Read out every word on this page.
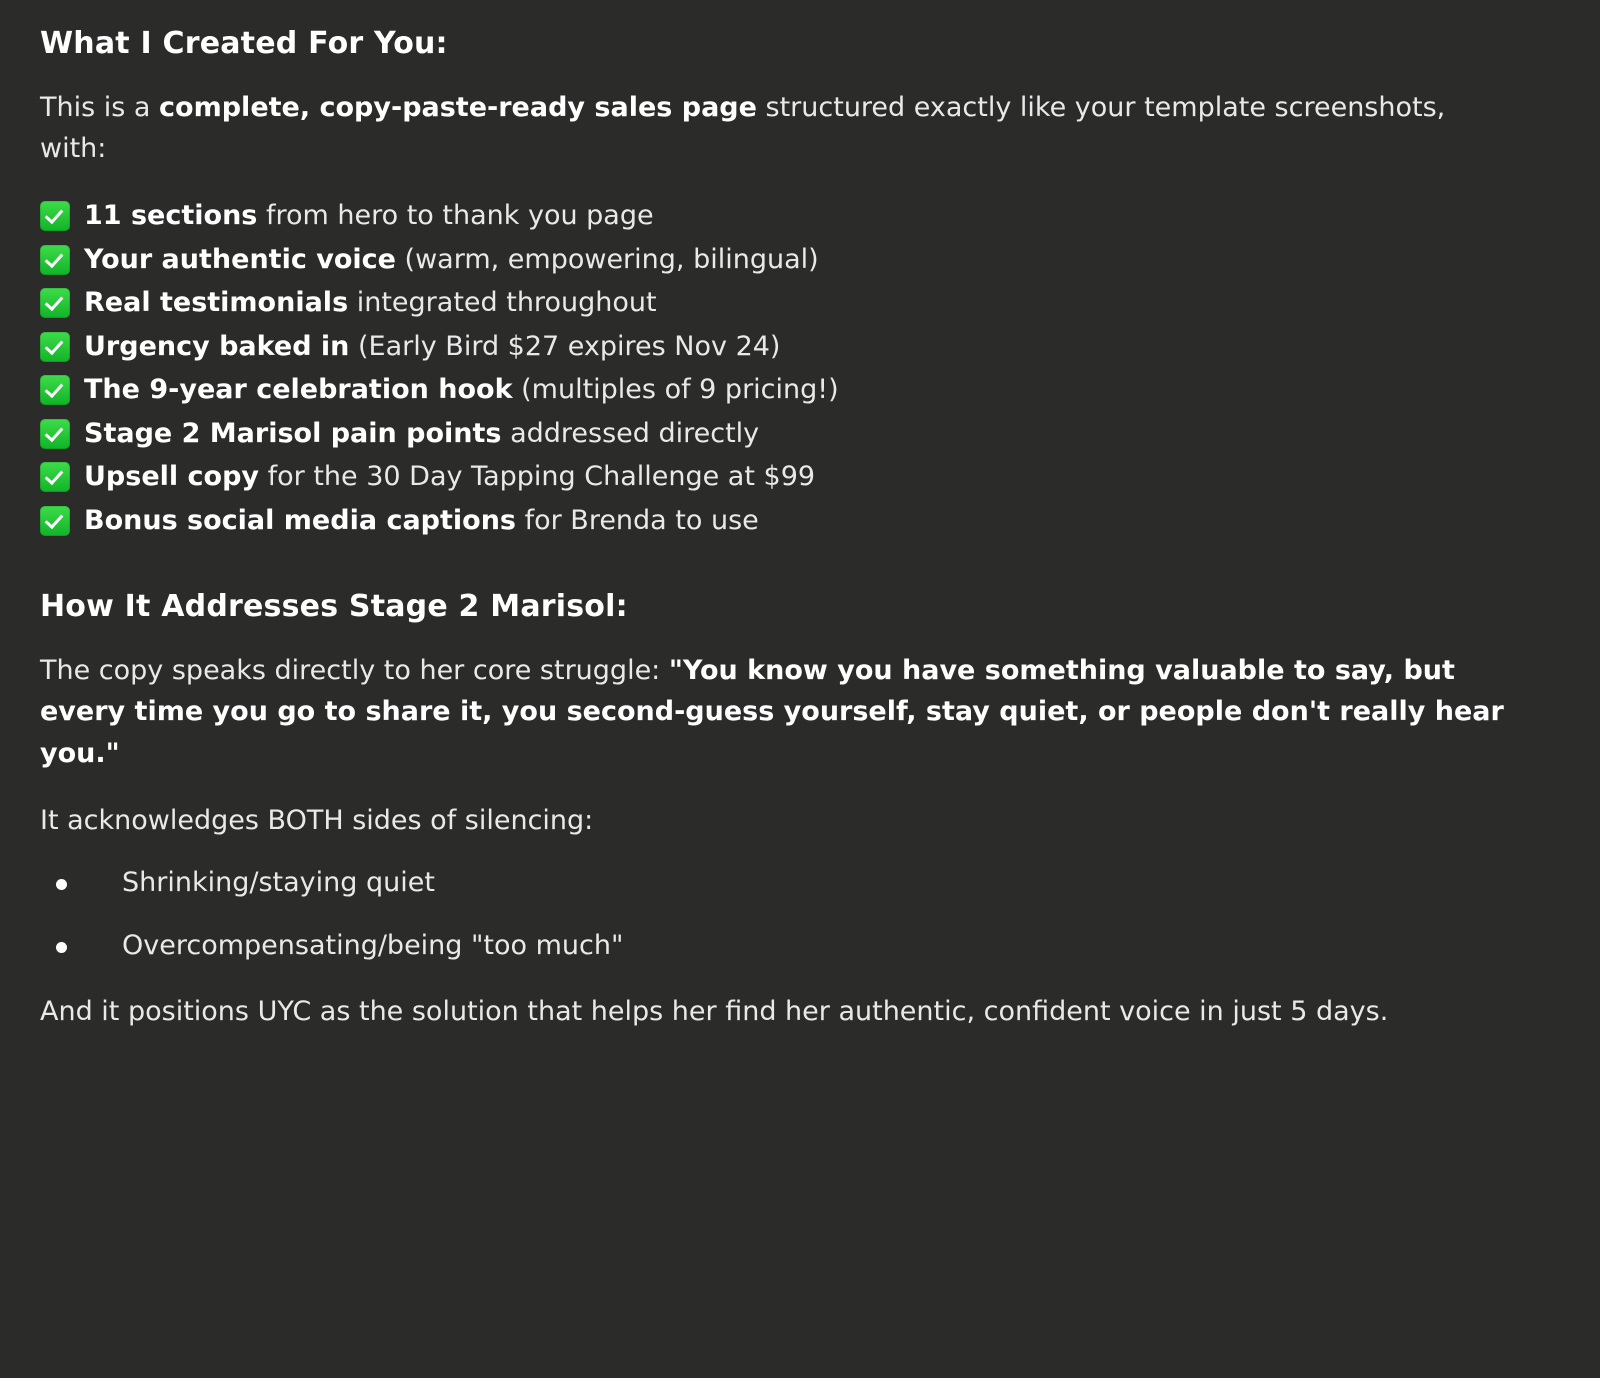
What I Created For You:

This is a complete, copy-paste-ready sales page structured exactly like your template screenshots, with:

11 sections from hero to thank you page
Your authentic voice (warm, empowering, bilingual)
Real testimonials integrated throughout
Urgency baked in (Early Bird $27 expires Nov 24)
The 9-year celebration hook (multiples of 9 pricing!)
Stage 2 Marisol pain points addressed directly
Upsell copy for the 30 Day Tapping Challenge at $99
Bonus social media captions for Brenda to use
How It Addresses Stage 2 Marisol:

The copy speaks directly to her core struggle: "You know you have something valuable to say, but every time you go to share it, you second-guess yourself, stay quiet, or people don't really hear you."

It acknowledges BOTH sides of silencing:

Shrinking/staying quiet
Overcompensating/being "too much"

And it positions UYC as the solution that helps her find her authentic, confident voice in just 5 days.
